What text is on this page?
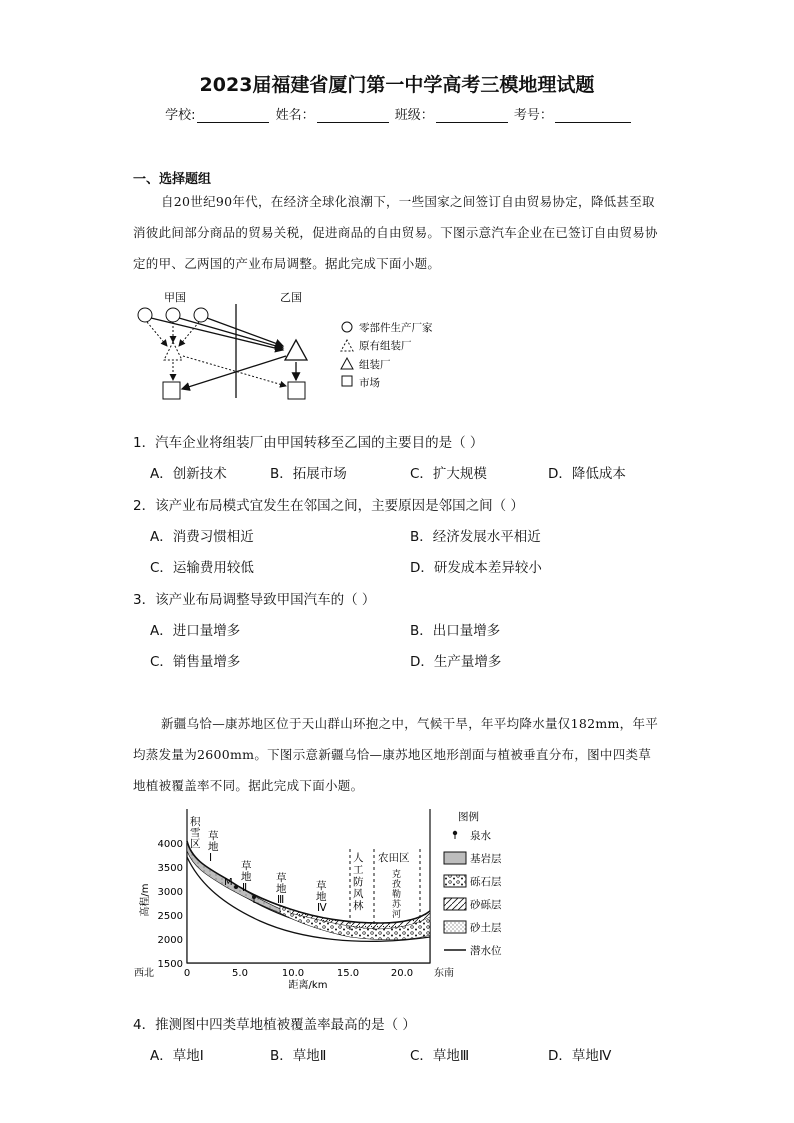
2023届福建省厦门第一中学高考三模地理试题
学校:	姓名：	班级：	考号：
一、选择题组
自20世纪90年代，在经济全球化浪潮下，一些国家之间签订自由贸易协定，降低甚至取消彼此间部分商品的贸易关税，促进商品的自由贸易。下图示意汽车企业在已签订自由贸易协定的甲、乙两国的产业布局调整。据此完成下面小题。
甲国	乙国
零部件生产厂家
原有组装厂
组装厂
市场
1．汽车企业将组装厂由甲国转移至乙国的主要目的是（ ）
A．创新技术	B．拓展市场	C．扩大规模	D．降低成本
2．该产业布局模式宜发生在邻国之间，主要原因是邻国之间（ ）
A．消费习惯相近	B．经济发展水平相近
C．运输费用较低	D．研发成本差异较小
3．该产业布局调整导致甲国汽车的（ ）
A．进口量增多	B．出口量增多
C．销售量增多	D．生产量增多
新疆乌恰—康苏地区位于天山群山环抱之中，气候干旱，年平均降水量仅182mm，年平均蒸发量为2600mm。下图示意新疆乌恰—康苏地区地形剖面与植被垂直分布，图中四类草地植被覆盖率不同。据此完成下面小题。
4000
3500
3000
2500
2000
1500
高程/m
0	5.0	10.0	15.0	20.0
西北	东南
距离/km
积雪区
草地 Ⅰ
草地 Ⅱ
草地 Ⅲ
草地 Ⅳ
人工防风林
农田区
克孜勒苏河
M
图例
泉水
基岩层
砾石层
砂砾层
砂土层
潜水位
4．推测图中四类草地植被覆盖率最高的是（ ）
A．草地Ⅰ	B．草地Ⅱ	C．草地Ⅲ	D．草地Ⅳ
